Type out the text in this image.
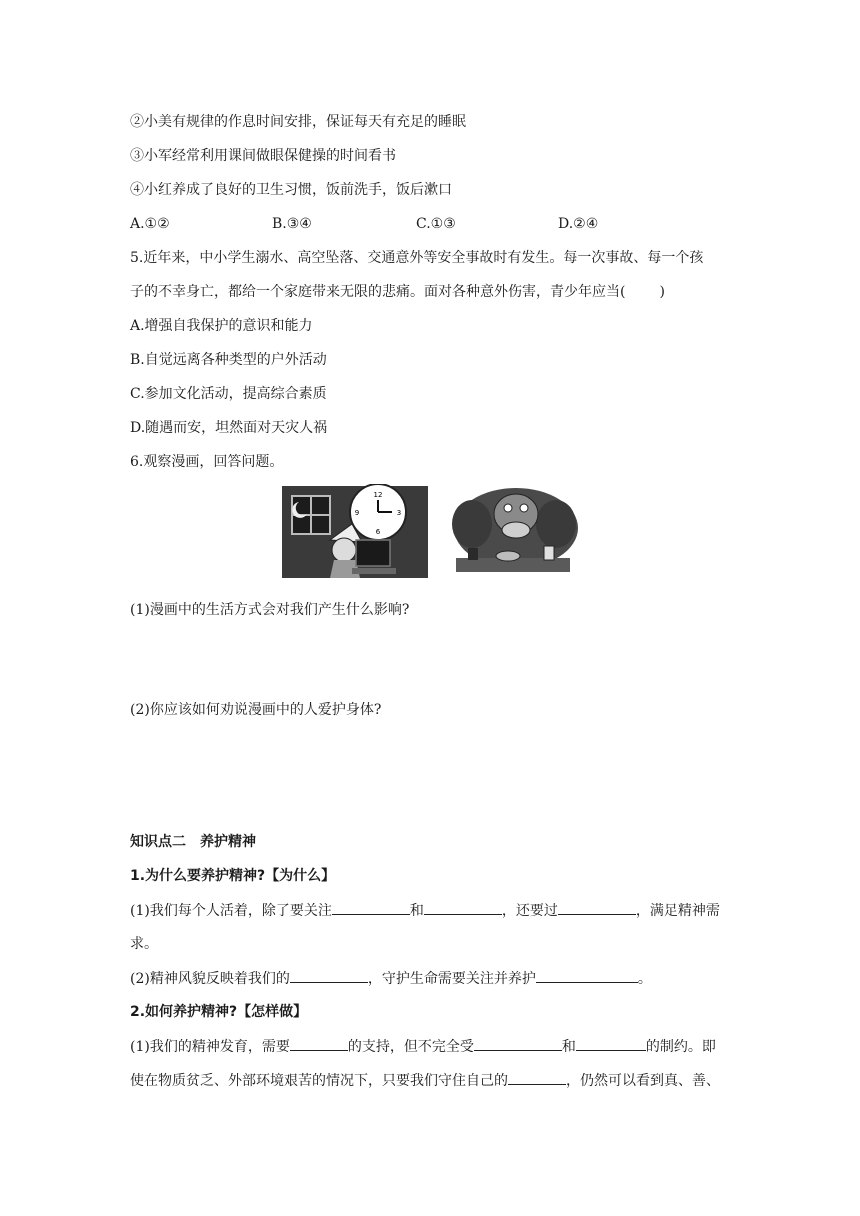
②小美有规律的作息时间安排，保证每天有充足的睡眠
③小军经常利用课间做眼保健操的时间看书
④小红养成了良好的卫生习惯，饭前洗手，饭后漱口
A.①②	B.③④	C.①③	D.②④
5.近年来，中小学生溺水、高空坠落、交通意外等安全事故时有发生。每一次事故、每一个孩
子的不幸身亡，都给一个家庭带来无限的悲痛。面对各种意外伤害，青少年应当( )
A.增强自我保护的意识和能力
B.自觉远离各种类型的户外活动
C.参加文化活动，提高综合素质
D.随遇而安，坦然面对天灾人祸
6.观察漫画，回答问题。
12
3
6
9
(1)漫画中的生活方式会对我们产生什么影响?
(2)你应该如何劝说漫画中的人爱护身体?
知识点二　养护精神
1.为什么要养护精神?【为什么】
(1)我们每个人活着，除了要关注	和	，还要过	，满足精神需
求。
(2)精神风貌反映着我们的	，守护生命需要关注并养护	。
2.如何养护精神?【怎样做】
(1)我们的精神发育，需要	的支持，但不完全受	和	的制约。即
使在物质贫乏、外部环境艰苦的情况下，只要我们守住自己的	，仍然可以看到真、善、
